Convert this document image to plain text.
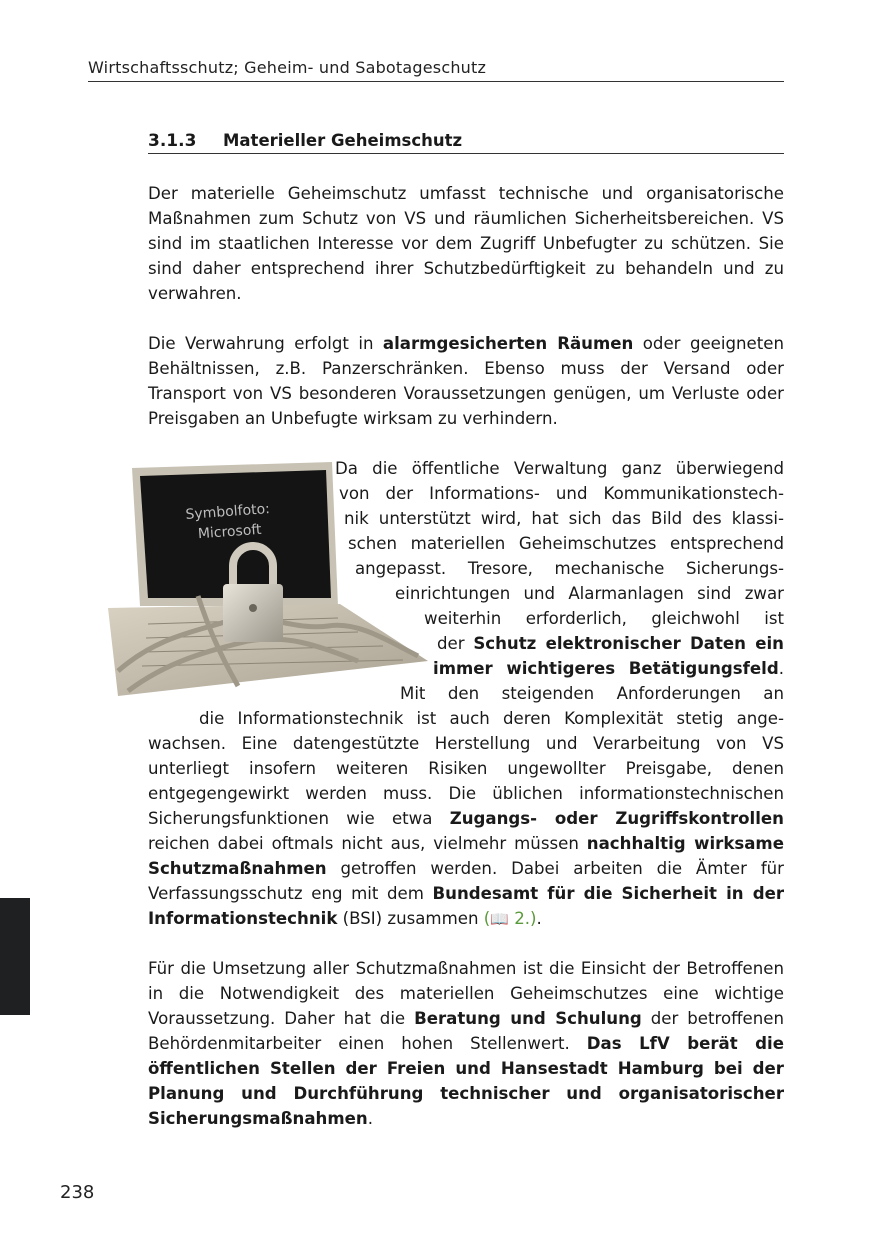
Wirtschaftsschutz; Geheim- und Sabotageschutz
3.1.3 Materieller Geheimschutz

Der materielle Geheimschutz umfasst technische und organisatorische Maßnahmen zum Schutz von VS und räumlichen Sicherheitsbereichen. VS sind im staatlichen Interesse vor dem Zugriff Unbefugter zu schützen. Sie sind daher entsprechend ihrer Schutzbedürftigkeit zu behandeln und zu verwahren.

Die Verwahrung erfolgt in alarmgesicherten Räumen oder geeigneten Behältnissen, z.B. Panzerschränken. Ebenso muss der Versand oder Transport von VS besonderen Voraussetzungen genügen, um Verluste oder Preisgaben an Unbefugte wirksam zu verhindern.

Symbolfoto:
Microsoft
Da die öffentliche Verwaltung ganz überwiegend
von der Informations- und Kommunikationstech-
nik unterstützt wird, hat sich das Bild des klassi-
schen materiellen Geheimschutzes entsprechend
angepasst. Tresore, mechanische Sicherungs-
einrichtungen und Alarmanlagen sind zwar
weiterhin erforderlich, gleichwohl ist
der Schutz elektronischer Daten ein
immer wichtigeres Betätigungsfeld.
Mit den steigenden Anforderungen an
die Informationstechnik ist auch deren Komplexität stetig ange-

wachsen. Eine datengestützte Herstellung und Verarbeitung von VS unterliegt insofern weiteren Risiken ungewollter Preisgabe, denen entgegengewirkt werden muss. Die üblichen informationstechnischen Sicherungsfunktionen wie etwa Zugangs- oder Zugriffskontrollen reichen dabei oftmals nicht aus, vielmehr müssen nachhaltig wirksame Schutzmaßnahmen getroffen werden. Dabei arbeiten die Ämter für Verfassungsschutz eng mit dem Bundesamt für die Sicherheit in der Informationstechnik (BSI) zusammen (📖 2.).

Für die Umsetzung aller Schutzmaßnahmen ist die Einsicht der Betroffenen in die Notwendigkeit des materiellen Geheimschutzes eine wichtige Voraussetzung. Daher hat die Beratung und Schulung der betroffenen Behördenmitarbeiter einen hohen Stellenwert. Das LfV berät die öffentlichen Stellen der Freien und Hansestadt Hamburg bei der Planung und Durchführung technischer und organisatorischer Sicherungsmaßnahmen.

238
